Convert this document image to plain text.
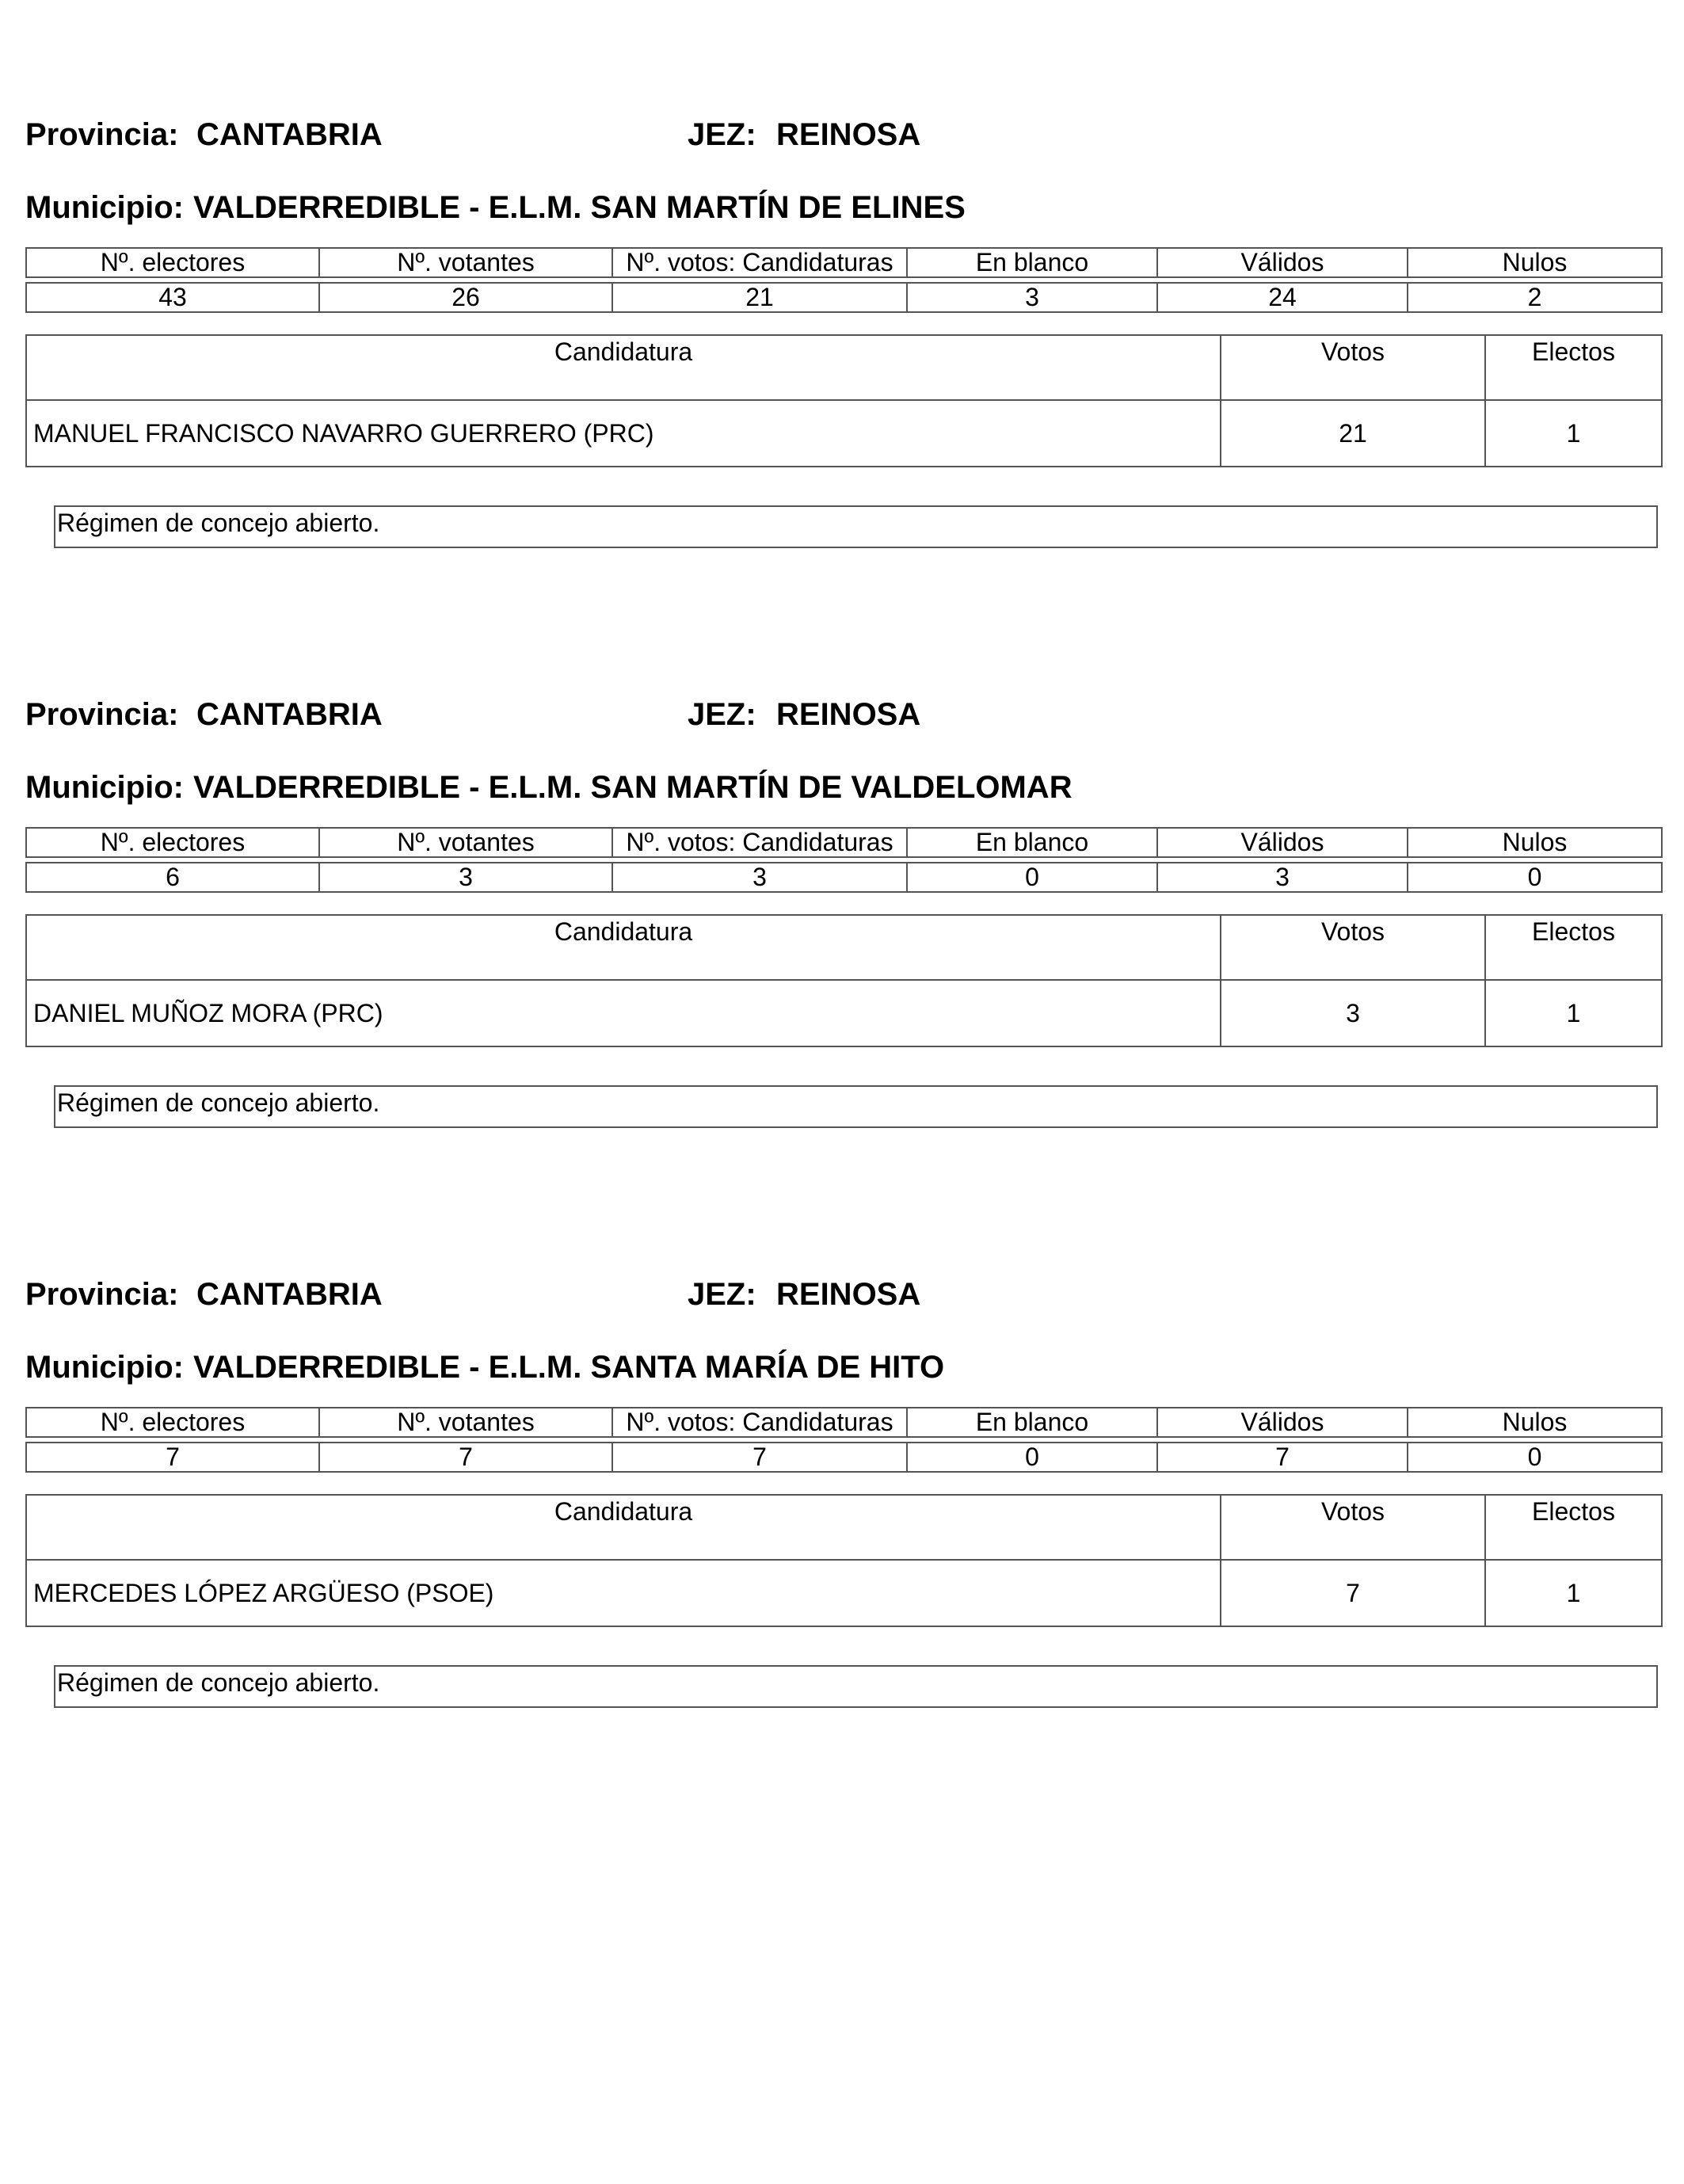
Provincia: CANTABRIA	JEZ: REINOSA
Municipio: VALDERREDIBLE - E.L.M. SAN MARTÍN DE ELINES
Nº. electores	Nº. votantes	Nº. votos: Candidaturas	En blanco	Válidos	Nulos

43	26	21	3	24	2
Candidatura	Votos	Electos
MANUEL FRANCISCO NAVARRO GUERRERO (PRC)	21	1
Régimen de concejo abierto.
Provincia: CANTABRIA	JEZ: REINOSA
Municipio: VALDERREDIBLE - E.L.M. SAN MARTÍN DE VALDELOMAR
Nº. electores	Nº. votantes	Nº. votos: Candidaturas	En blanco	Válidos	Nulos

6	3	3	0	3	0
Candidatura	Votos	Electos
DANIEL MUÑOZ MORA (PRC)	3	1
Régimen de concejo abierto.
Provincia: CANTABRIA	JEZ: REINOSA
Municipio: VALDERREDIBLE - E.L.M. SANTA MARÍA DE HITO
Nº. electores	Nº. votantes	Nº. votos: Candidaturas	En blanco	Válidos	Nulos

7	7	7	0	7	0
Candidatura	Votos	Electos
MERCEDES LÓPEZ ARGÜESO (PSOE)	7	1
Régimen de concejo abierto.
